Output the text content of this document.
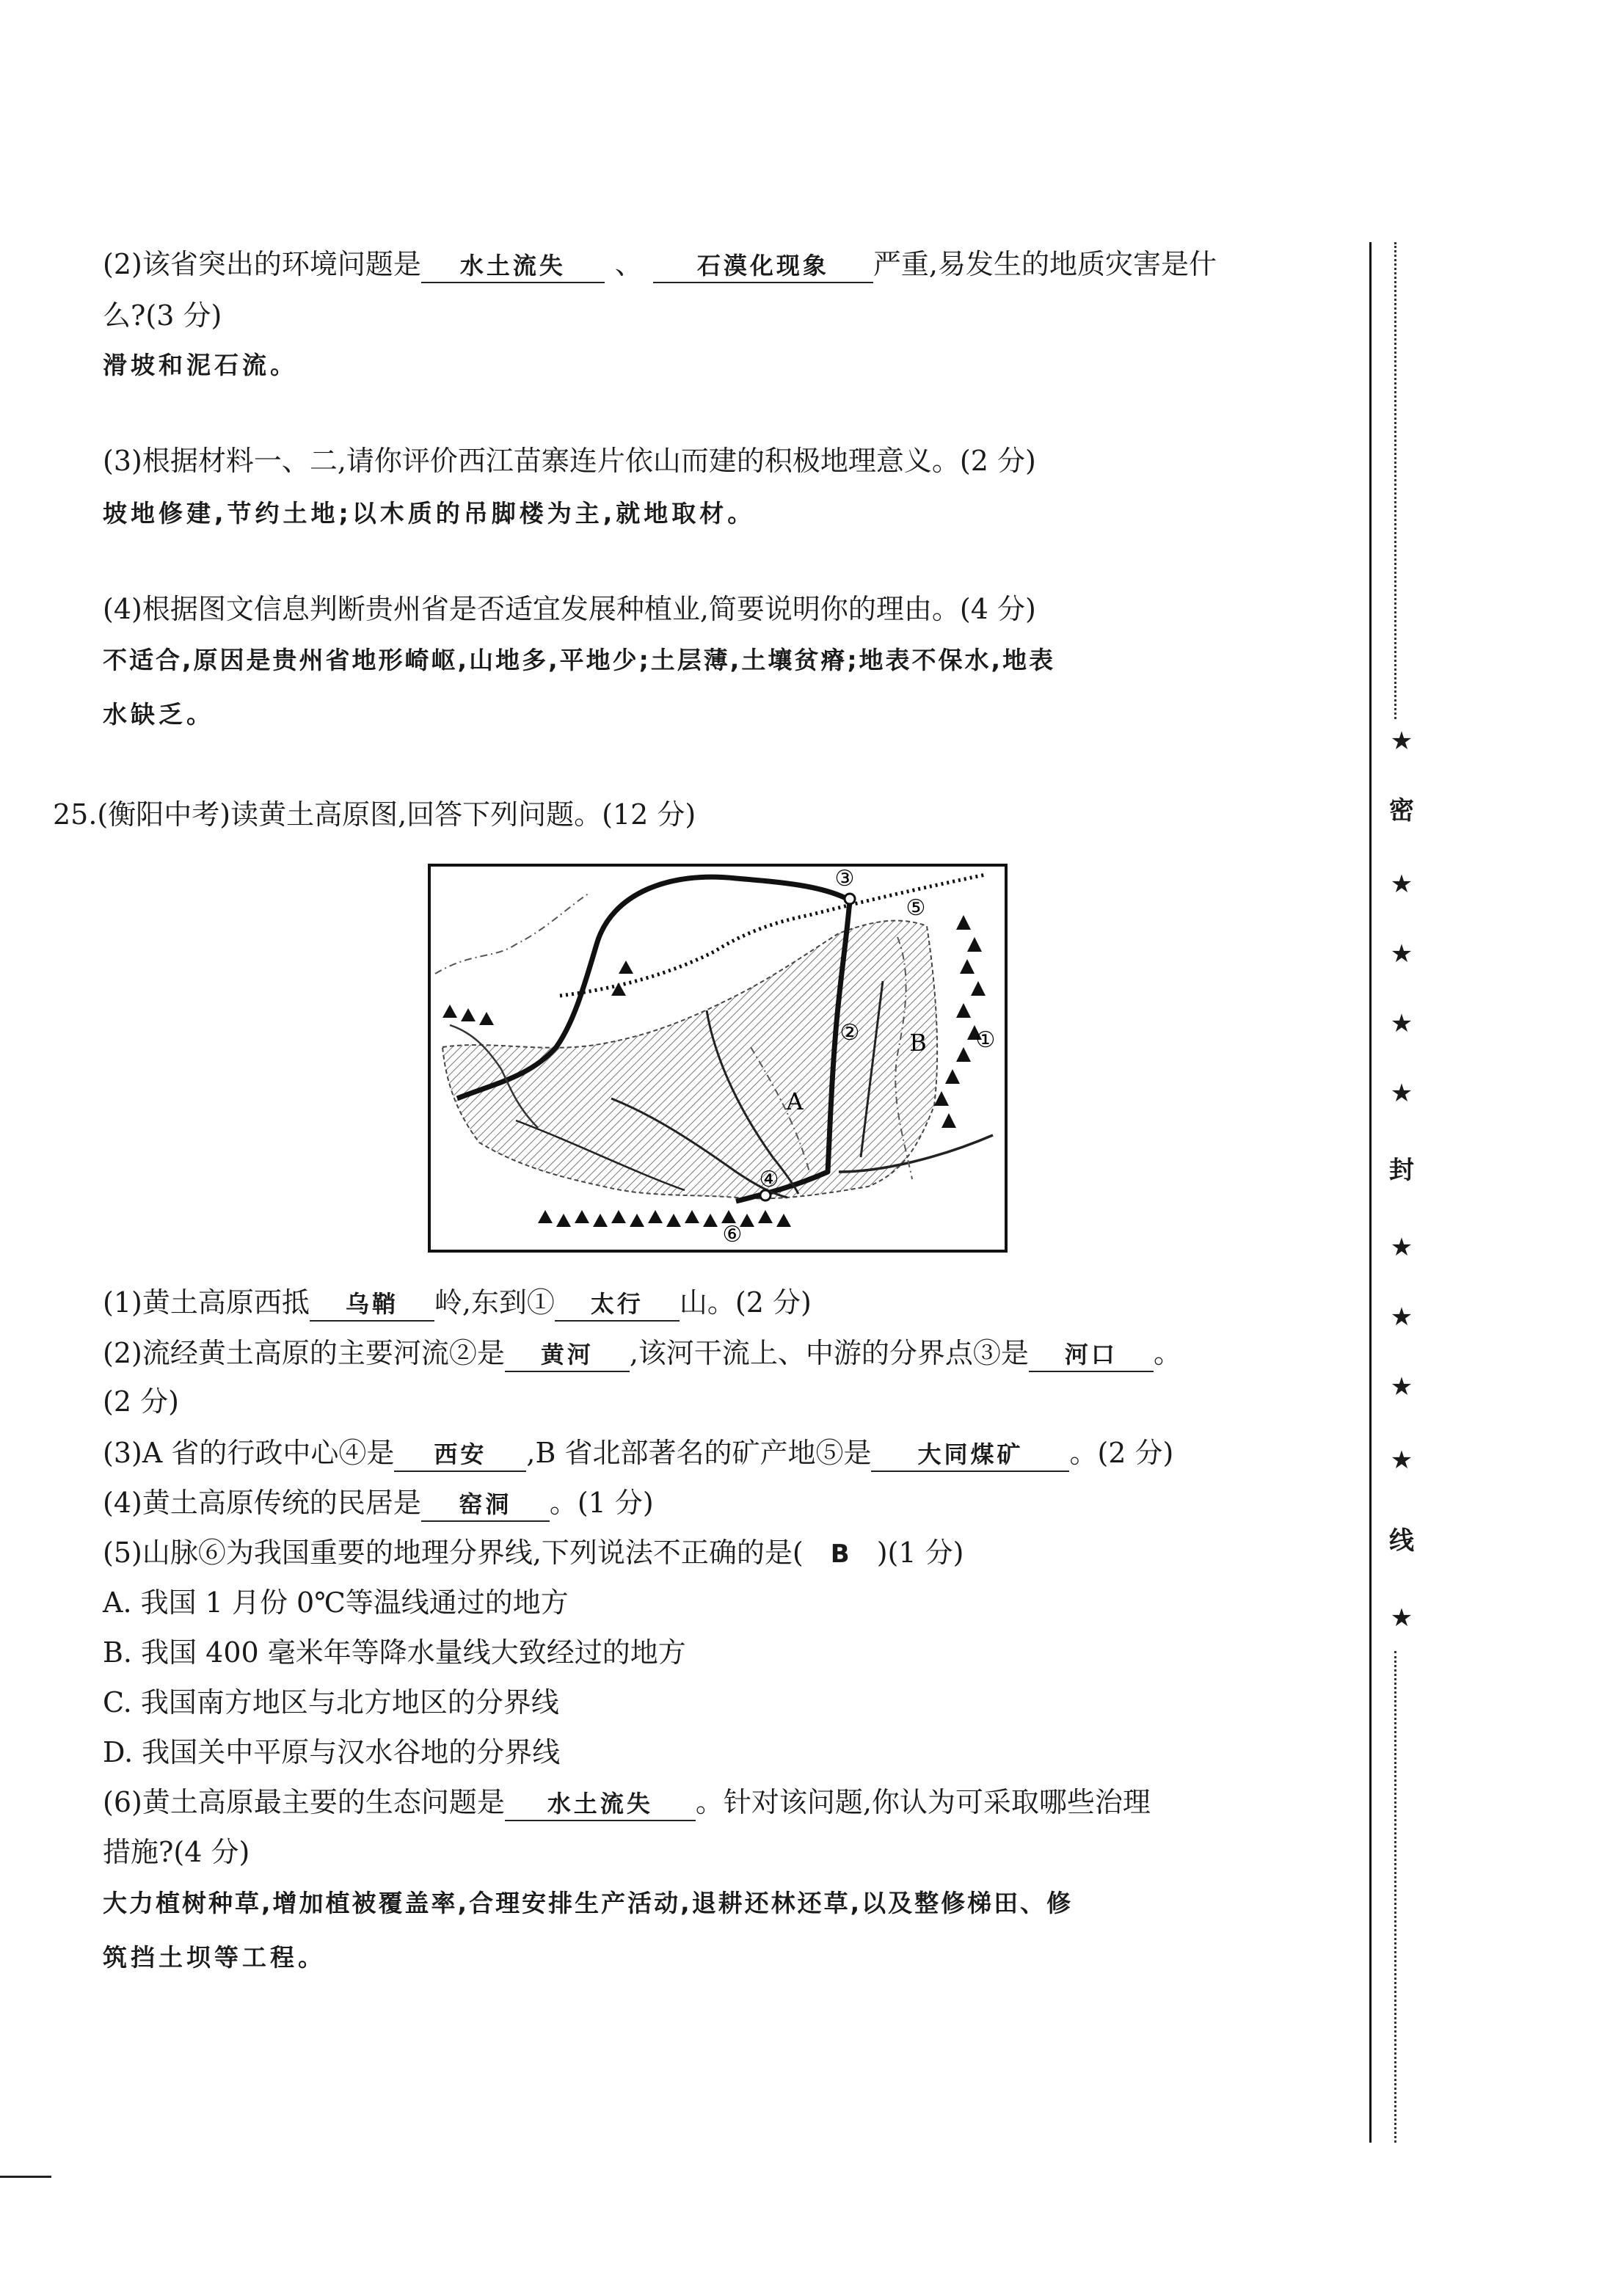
(2)该省突出的环境问题是 水土流失 、 石漠化现象 严重,易发生的地质灾害是什
么?(3 分)
滑坡和泥石流。
(3)根据材料一、二,请你评价西江苗寨连片依山而建的积极地理意义。(2 分)
坡地修建,节约土地;以木质的吊脚楼为主,就地取材。
(4)根据图文信息判断贵州省是否适宜发展种植业,简要说明你的理由。(4 分)
不适合,原因是贵州省地形崎岖,山地多,平地少;土层薄,土壤贫瘠;地表不保水,地表
水缺乏。
25.(衡阳中考)读黄土高原图,回答下列问题。(12 分)
①
②
③
④
⑤
⑥
A
B
(1)黄土高原西抵 乌鞘 岭,东到① 太行 山。(2 分)
(2)流经黄土高原的主要河流②是 黄河 ,该河干流上、中游的分界点③是 河口 。
(2 分)
(3)A 省的行政中心④是 西安 ,B 省北部著名的矿产地⑤是 大同煤矿 。(2 分)
(4)黄土高原传统的民居是 窑洞 。(1 分)
(5)山脉⑥为我国重要的地理分界线,下列说法不正确的是( B )(1 分)
A. 我国 1 月份 0℃等温线通过的地方
B. 我国 400 毫米年等降水量线大致经过的地方
C. 我国南方地区与北方地区的分界线
D. 我国关中平原与汉水谷地的分界线
(6)黄土高原最主要的生态问题是 水土流失 。针对该问题,你认为可采取哪些治理
措施?(4 分)
大力植树种草,增加植被覆盖率,合理安排生产活动,退耕还林还草,以及整修梯田、修
筑挡土坝等工程。
★
密
★
★
★
★
封
★
★
★
★
线
★
